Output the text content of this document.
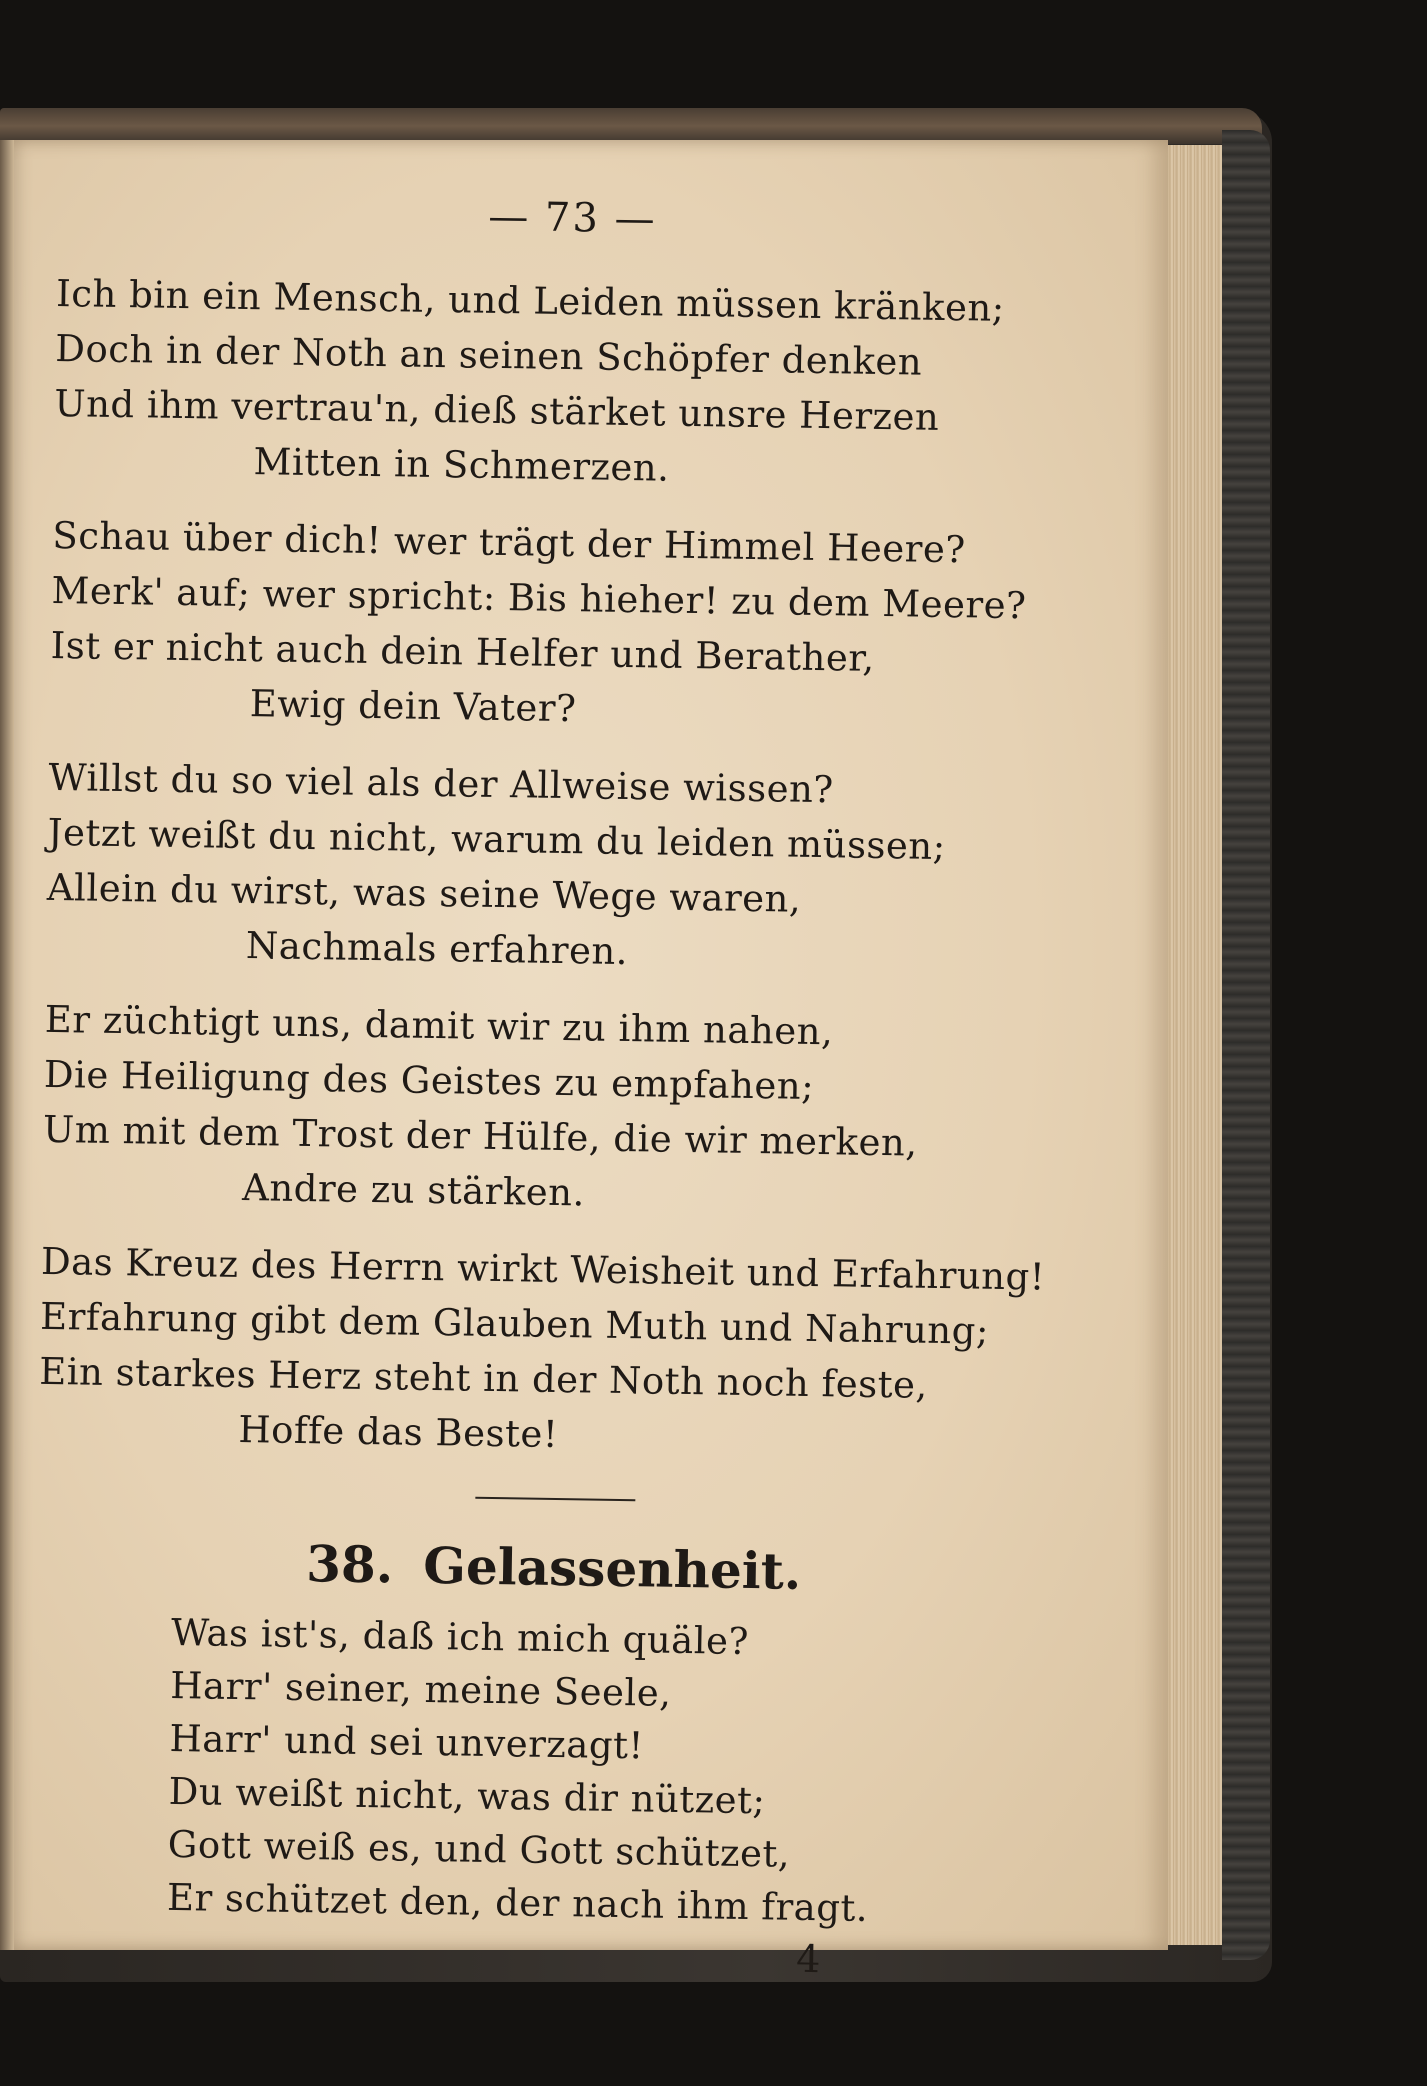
— 73 —
Ich bin ein Mensch, und Leiden müssen kränken;
Doch in der Noth an seinen Schöpfer denken
Und ihm vertrau'n, dieß stärket unsre Herzen
Mitten in Schmerzen.
Schau über dich! wer trägt der Himmel Heere?
Merk' auf; wer spricht: Bis hieher! zu dem Meere?
Ist er nicht auch dein Helfer und Berather,
Ewig dein Vater?
Willst du so viel als der Allweise wissen?
Jetzt weißt du nicht, warum du leiden müssen;
Allein du wirst, was seine Wege waren,
Nachmals erfahren.
Er züchtigt uns, damit wir zu ihm nahen,
Die Heiligung des Geistes zu empfahen;
Um mit dem Trost der Hülfe, die wir merken,
Andre zu stärken.
Das Kreuz des Herrn wirkt Weisheit und Erfahrung!
Erfahrung gibt dem Glauben Muth und Nahrung;
Ein starkes Herz steht in der Noth noch feste,
Hoffe das Beste!
38. Gelassenheit.
Was ist's, daß ich mich quäle?
Harr' seiner, meine Seele,
Harr' und sei unverzagt!
Du weißt nicht, was dir nützet;
Gott weiß es, und Gott schützet,
Er schützet den, der nach ihm fragt.
4
